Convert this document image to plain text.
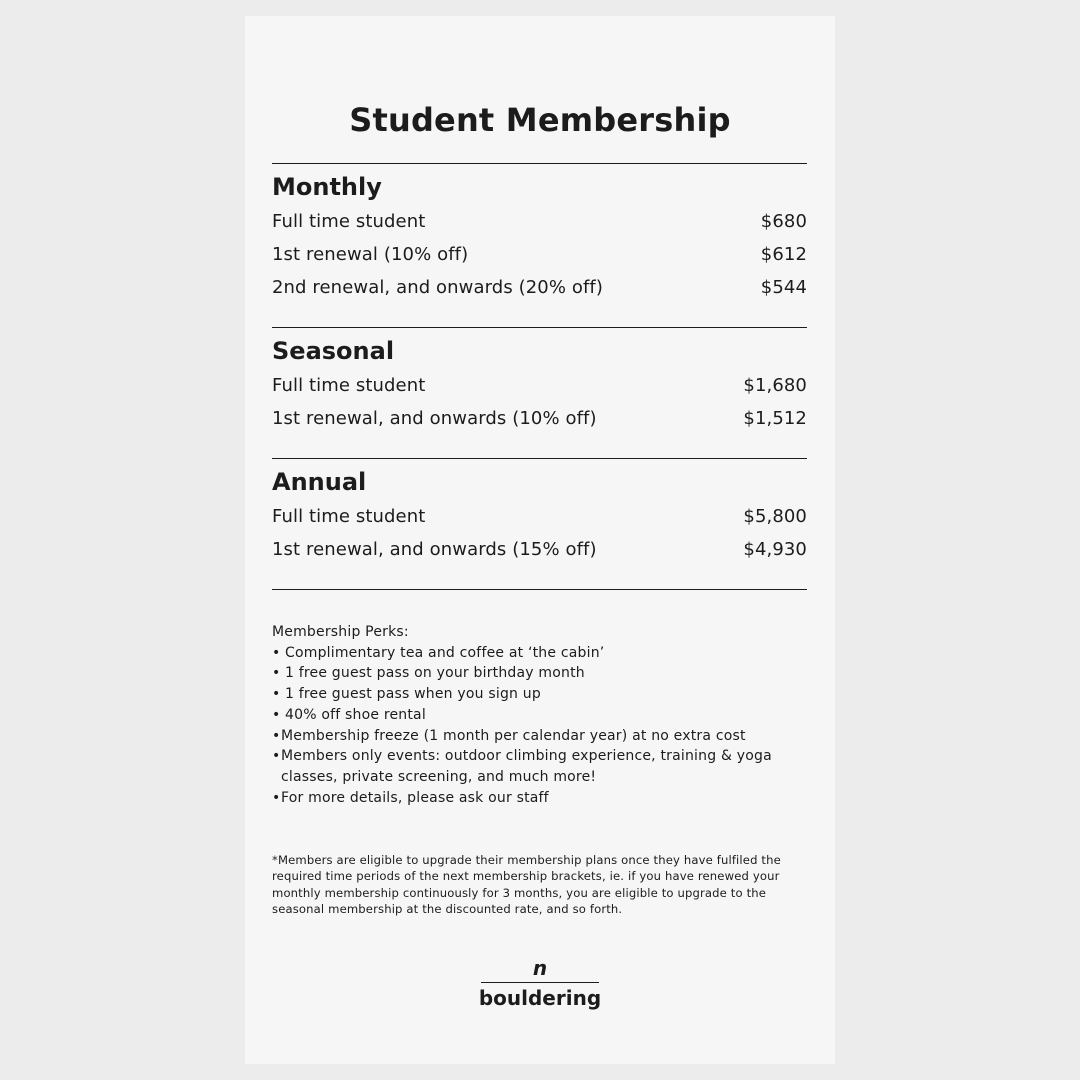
Student Membership
Monthly
Full time student	$680
1st renewal (10% off)	$612
2nd renewal, and onwards (20% off)	$544
Seasonal
Full time student	$1,680
1st renewal, and onwards (10% off)	$1,512
Annual
Full time student	$5,800
1st renewal, and onwards (15% off)	$4,930
Membership Perks:
• Complimentary tea and coffee at ‘the cabin’
• 1 free guest pass on your birthday month
• 1 free guest pass when you sign up
• 40% off shoe rental
• Membership freeze (1 month per calendar year) at no extra cost
• Members only events: outdoor climbing experience, training & yoga classes, private screening, and much more!
• For more details, please ask our staff
*Members are eligible to upgrade their membership plans once they have fulfiled the required time periods of the next membership brackets, ie. if you have renewed your monthly membership continuously for 3 months, you are eligible to upgrade to the seasonal membership at the discounted rate, and so forth.
n
bouldering
